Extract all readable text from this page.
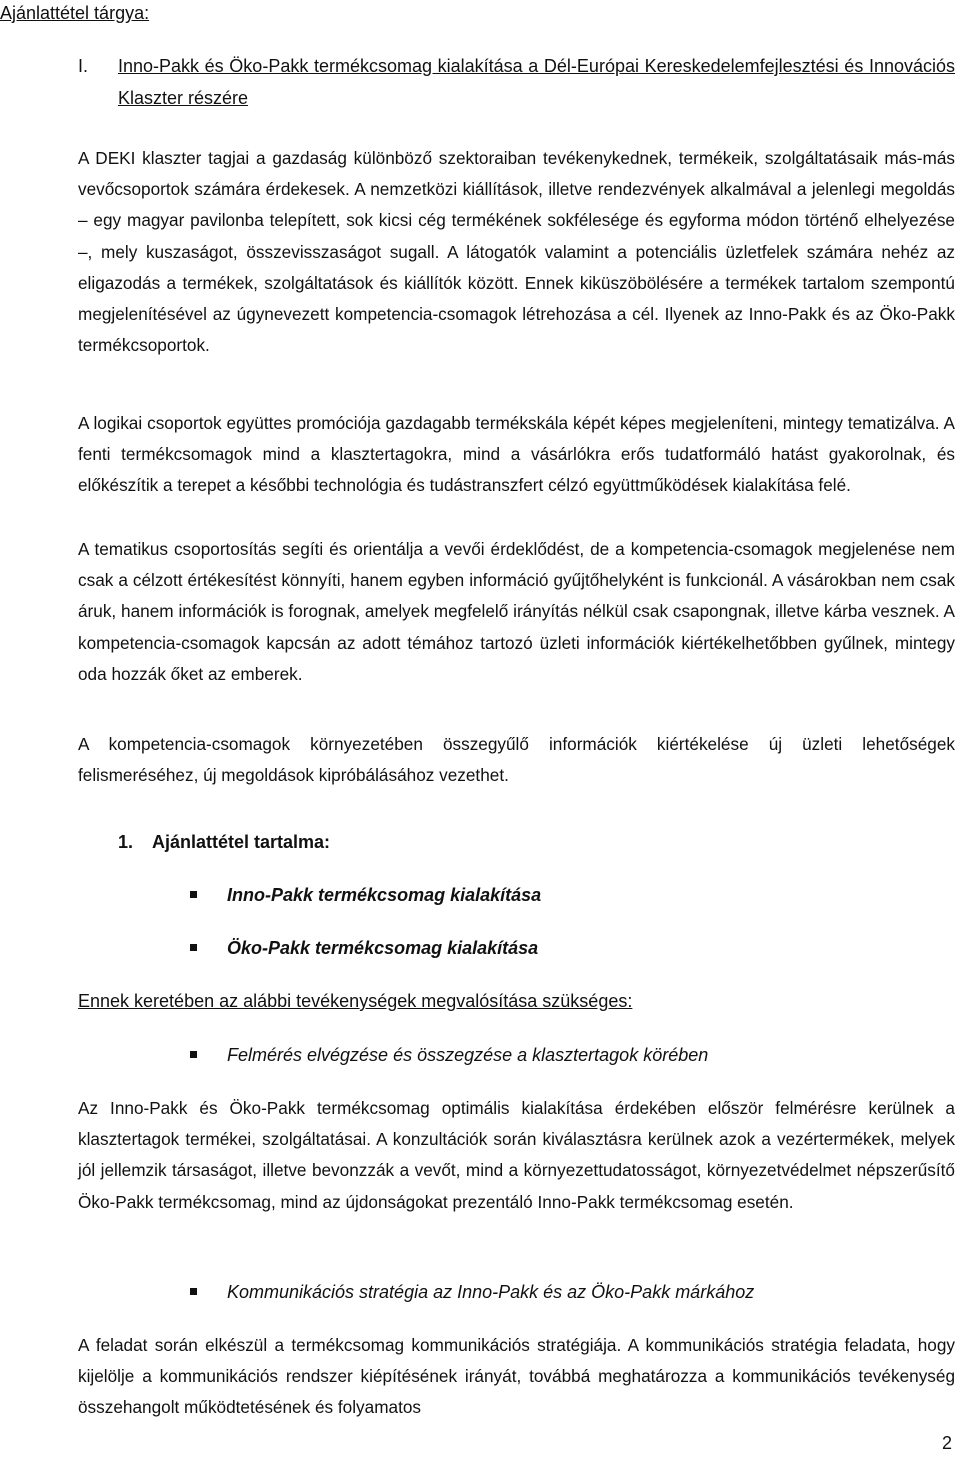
Ajánlattétel tárgya:
I. Inno-Pakk és Öko-Pakk termékcsomag kialakítása a Dél-Európai Kereskedelemfejlesztési és Innovációs Klaszter részére

A DEKI klaszter tagjai a gazdaság különböző szektoraiban tevékenykednek, termékeik, szolgáltatásaik más-más vevőcsoportok számára érdekesek. A nemzetközi kiállítások, illetve rendezvények alkalmával a jelenlegi megoldás – egy magyar pavilonba telepített, sok kicsi cég termékének sokfélesége és egyforma módon történő elhelyezése –, mely kuszaságot, összevisszaságot sugall. A látogatók valamint a potenciális üzletfelek számára nehéz az eligazodás a termékek, szolgáltatások és kiállítók között. Ennek kiküszöbölésére a termékek tartalom szempontú megjelenítésével az úgynevezett kompetencia-csomagok létrehozása a cél. Ilyenek az Inno-Pakk és az Öko-Pakk termékcsoportok.

A logikai csoportok együttes promóciója gazdagabb termékskála képét képes megjeleníteni, mintegy tematizálva. A fenti termékcsomagok mind a klasztertagokra, mind a vásárlókra erős tudatformáló hatást gyakorolnak, és előkészítik a terepet a későbbi technológia és tudástranszfert célzó együttműködések kialakítása felé.

A tematikus csoportosítás segíti és orientálja a vevői érdeklődést, de a kompetencia-csomagok megjelenése nem csak a célzott értékesítést könnyíti, hanem egyben információ gyűjtőhelyként is funkcionál. A vásárokban nem csak áruk, hanem információk is forognak, amelyek megfelelő irányítás nélkül csak csapongnak, illetve kárba vesznek. A kompetencia-csomagok kapcsán az adott témához tartozó üzleti információk kiértékelhetőbben gyűlnek, mintegy oda hozzák őket az emberek.

A kompetencia-csomagok környezetében összegyűlő információk kiértékelése új üzleti lehetőségek felismeréséhez, új megoldások kipróbálásához vezethet.

1. Ajánlattétel tartalma:
Inno-Pakk termékcsomag kialakítása
Öko-Pakk termékcsomag kialakítása

Ennek keretében az alábbi tevékenységek megvalósítása szükséges:

Felmérés elvégzése és összegzése a klasztertagok körében

Az Inno-Pakk és Öko-Pakk termékcsomag optimális kialakítása érdekében először felmérésre kerülnek a klasztertagok termékei, szolgáltatásai. A konzultációk során kiválasztásra kerülnek azok a vezértermékek, melyek jól jellemzik társaságot, illetve bevonzzák a vevőt, mind a környezettudatosságot, környezetvédelmet népszerűsítő Öko-Pakk termékcsomag, mind az újdonságokat prezentáló Inno-Pakk termékcsomag esetén.

Kommunikációs stratégia az Inno-Pakk és az Öko-Pakk márkához

A feladat során elkészül a termékcsomag kommunikációs stratégiája. A kommunikációs stratégia feladata, hogy kijelölje a kommunikációs rendszer kiépítésének irányát, továbbá meghatározza a kommunikációs tevékenység összehangolt működtetésének és folyamatos

2
